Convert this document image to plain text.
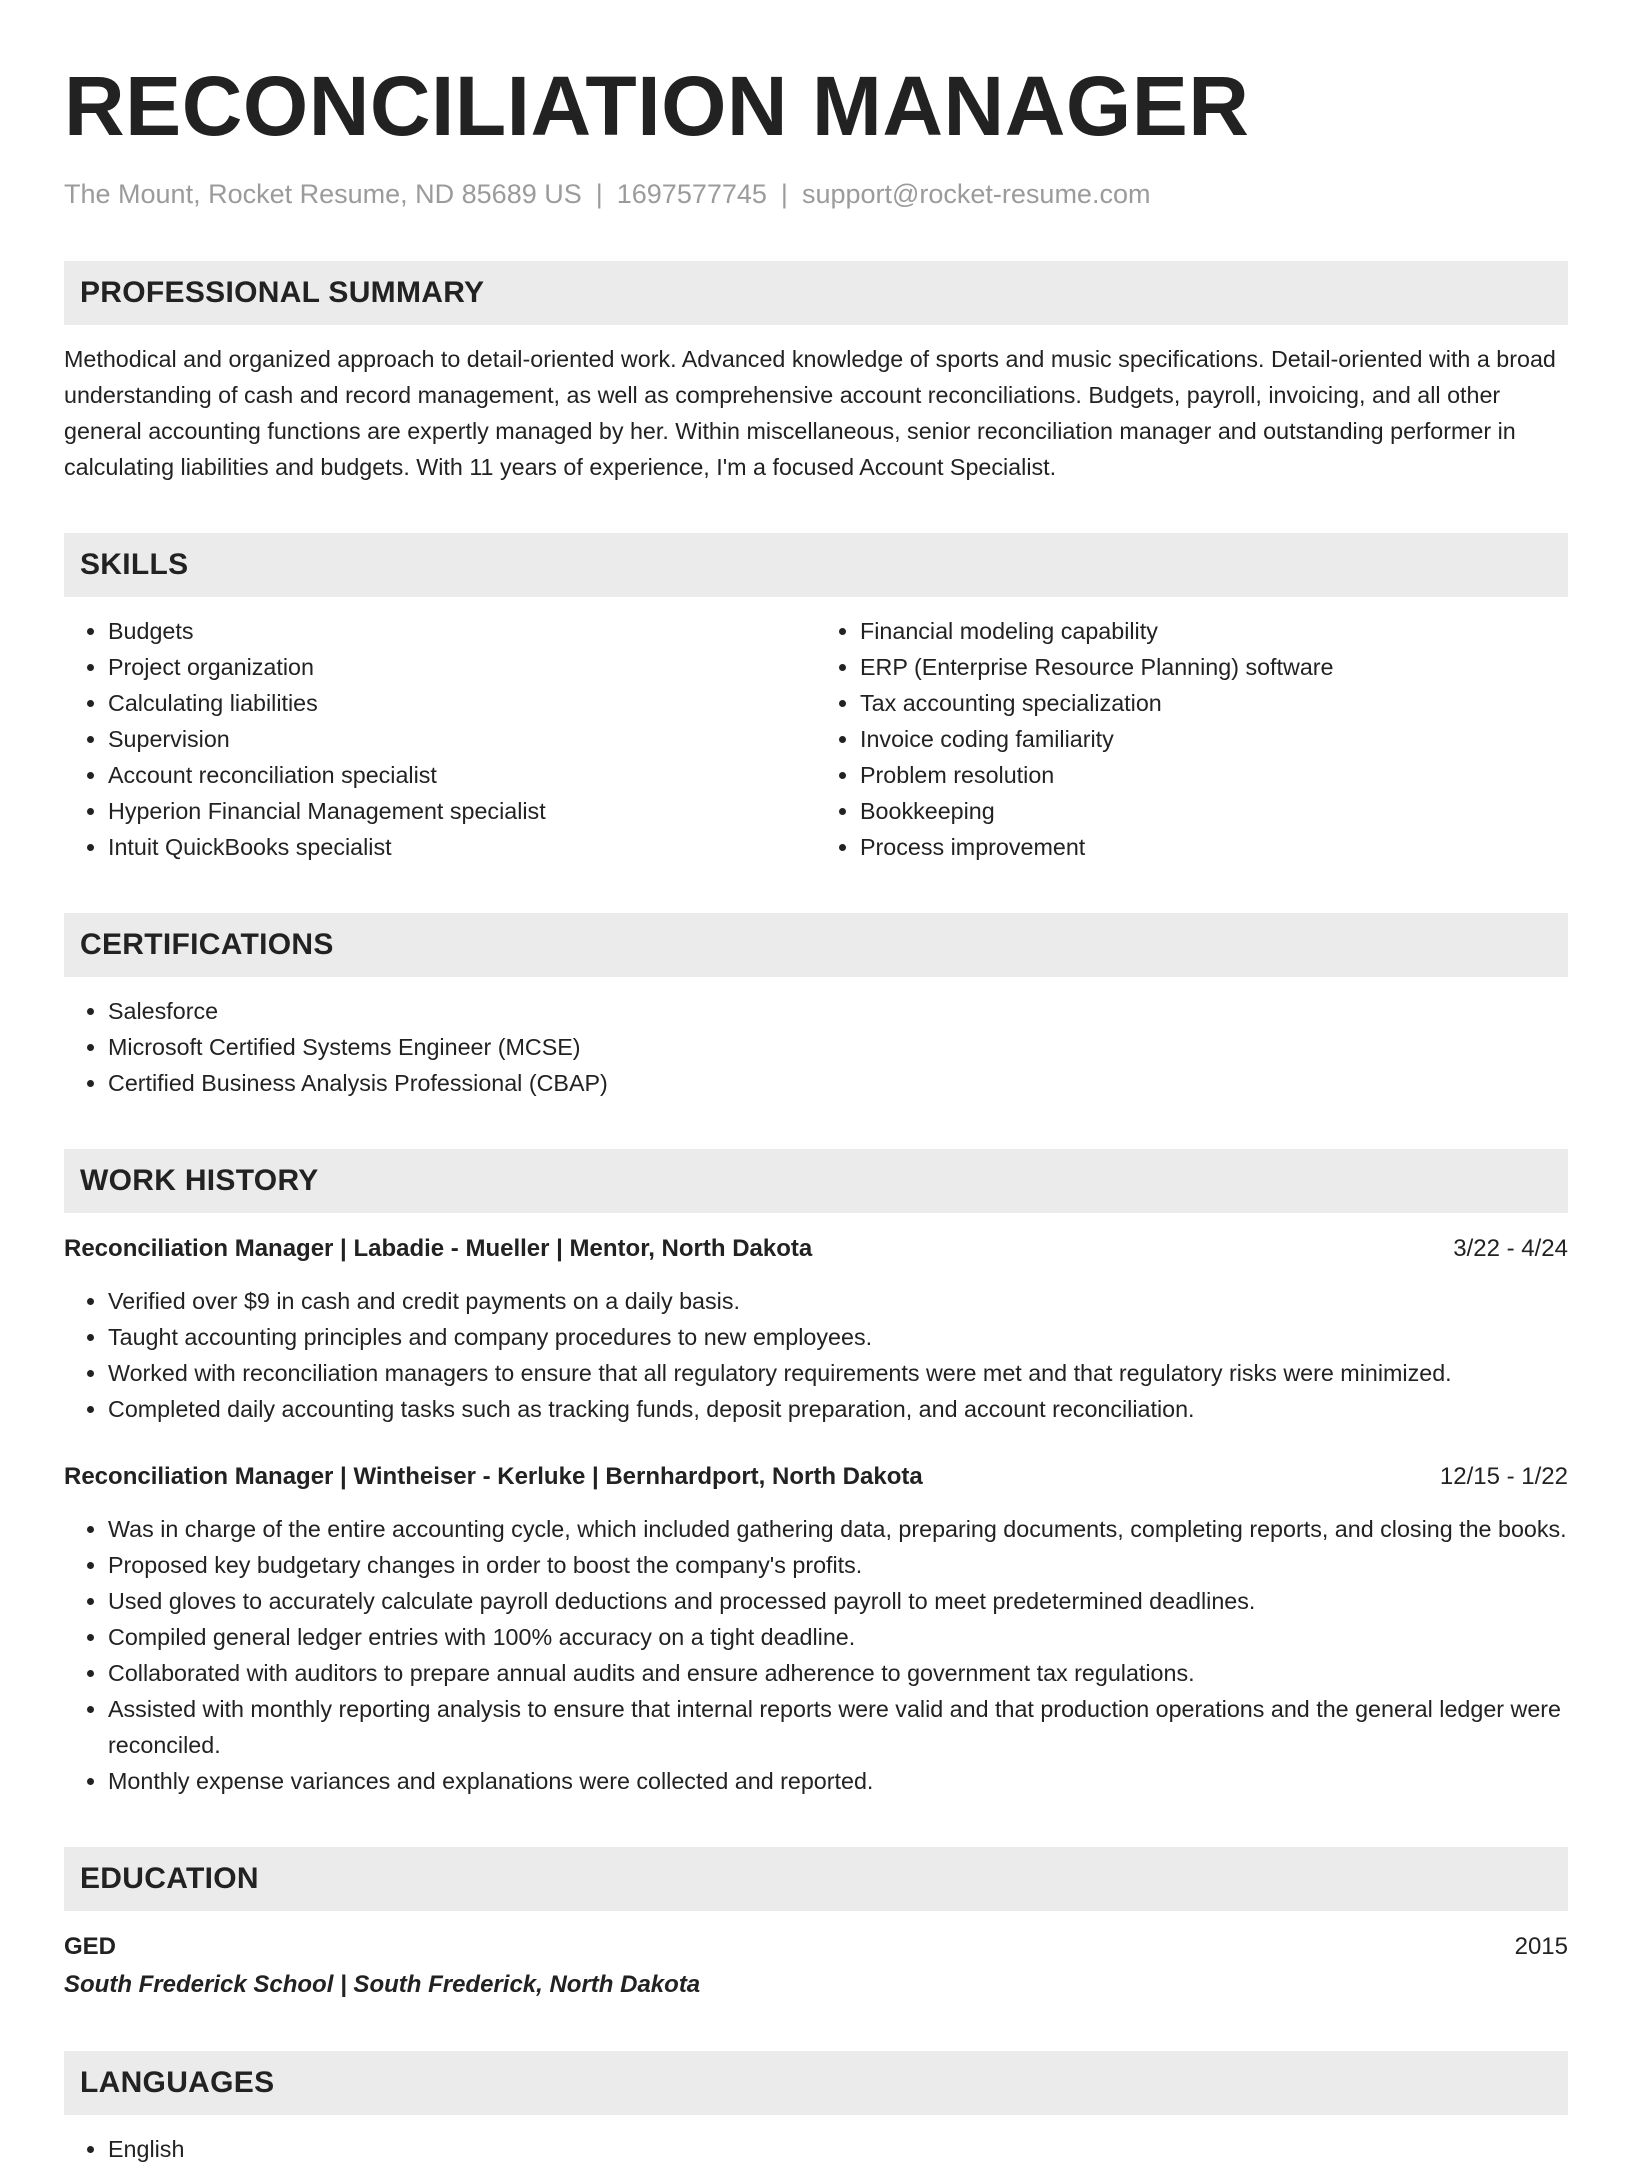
RECONCILIATION MANAGER
The Mount, Rocket Resume, ND 85689 US | 1697577745 | support@rocket-resume.com
PROFESSIONAL SUMMARY
Methodical and organized approach to detail-oriented work. Advanced knowledge of sports and music specifications. Detail-oriented with a broad understanding of cash and record management, as well as comprehensive account reconciliations. Budgets, payroll, invoicing, and all other general accounting functions are expertly managed by her. Within miscellaneous, senior reconciliation manager and outstanding performer in calculating liabilities and budgets. With 11 years of experience, I'm a focused Account Specialist.
SKILLS
• Budgets
• Project organization
• Calculating liabilities
• Supervision
• Account reconciliation specialist
• Hyperion Financial Management specialist
• Intuit QuickBooks specialist
• Financial modeling capability
• ERP (Enterprise Resource Planning) software
• Tax accounting specialization
• Invoice coding familiarity
• Problem resolution
• Bookkeeping
• Process improvement
CERTIFICATIONS
• Salesforce
• Microsoft Certified Systems Engineer (MCSE)
• Certified Business Analysis Professional (CBAP)
WORK HISTORY
Reconciliation Manager | Labadie - Mueller | Mentor, North Dakota	3/22 - 4/24
• Verified over $9 in cash and credit payments on a daily basis.
• Taught accounting principles and company procedures to new employees.
• Worked with reconciliation managers to ensure that all regulatory requirements were met and that regulatory risks were minimized.
• Completed daily accounting tasks such as tracking funds, deposit preparation, and account reconciliation.
Reconciliation Manager | Wintheiser - Kerluke | Bernhardport, North Dakota	12/15 - 1/22
• Was in charge of the entire accounting cycle, which included gathering data, preparing documents, completing reports, and closing the books.
• Proposed key budgetary changes in order to boost the company's profits.
• Used gloves to accurately calculate payroll deductions and processed payroll to meet predetermined deadlines.
• Compiled general ledger entries with 100% accuracy on a tight deadline.
• Collaborated with auditors to prepare annual audits and ensure adherence to government tax regulations.
• Assisted with monthly reporting analysis to ensure that internal reports were valid and that production operations and the general ledger were reconciled.
• Monthly expense variances and explanations were collected and reported.
EDUCATION
GED	2015
South Frederick School | South Frederick, North Dakota
LANGUAGES
• English
